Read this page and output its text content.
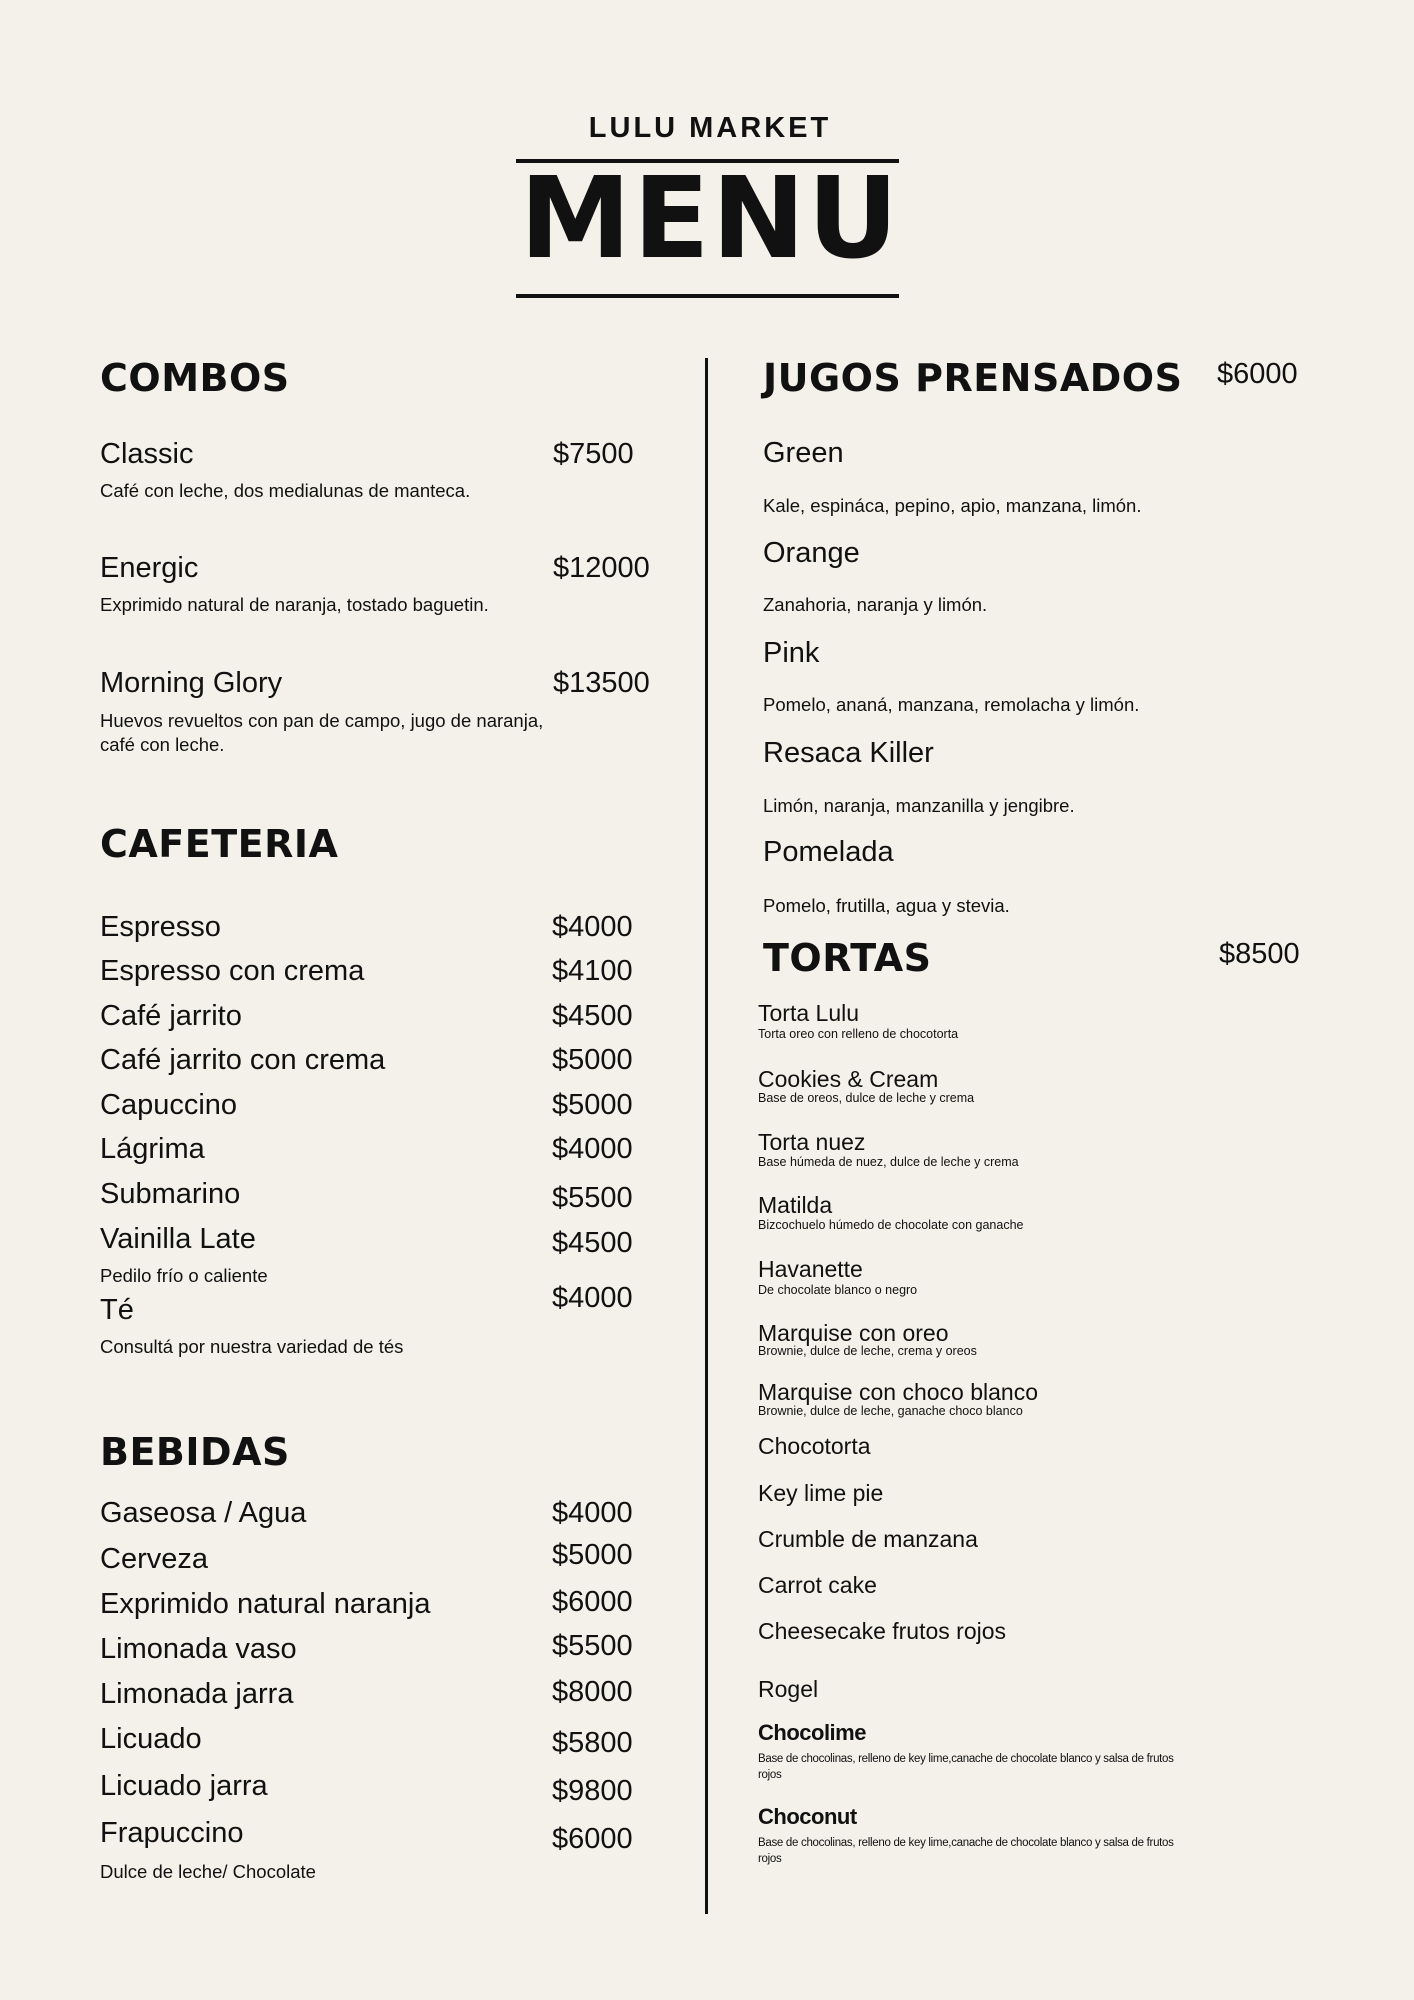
LULU MARKET
MENU
COMBOS
Classic	$7500
Café con leche, dos medialunas de manteca.
Energic	$12000
Exprimido natural de naranja, tostado baguetin.
Morning Glory	$13500
Huevos revueltos con pan de campo, jugo de naranja, café con leche.
CAFETERIA
Espresso	$4000
Espresso con crema	$4100
Café jarrito	$4500
Café jarrito con crema	$5000
Capuccino	$5000
Lágrima	$4000
Submarino	$5500
Vainilla Late	$4500
Pedilo frío o caliente
Té	$4000
Consultá por nuestra variedad de tés
BEBIDAS
Gaseosa / Agua	$4000
Cerveza	$5000
Exprimido natural naranja	$6000
Limonada vaso	$5500
Limonada jarra	$8000
Licuado	$5800
Licuado jarra	$9800
Frapuccino	$6000
Dulce de leche/ Chocolate
JUGOS PRENSADOS $6000
Green
Kale, espináca, pepino, apio, manzana, limón.
Orange
Zanahoria, naranja y limón.
Pink
Pomelo, ananá, manzana, remolacha y limón.
Resaca Killer
Limón, naranja, manzanilla y jengibre.
Pomelada
Pomelo, frutilla, agua y stevia.
TORTAS	$8500
Torta Lulu
Torta oreo con relleno de chocotorta
Cookies & Cream
Base de oreos, dulce de leche y crema
Torta nuez
Base húmeda de nuez, dulce de leche y crema
Matilda
Bizcochuelo húmedo de chocolate con ganache
Havanette
De chocolate blanco o negro
Marquise con oreo
Brownie, dulce de leche, crema y oreos
Marquise con choco blanco
Brownie, dulce de leche, ganache choco blanco
Chocotorta
Key lime pie
Crumble de manzana
Carrot cake
Cheesecake frutos rojos
Rogel
Chocolime
Base de chocolinas, relleno de key lime,canache de chocolate blanco y salsa de frutos rojos
Choconut
Base de chocolinas, relleno de key lime,canache de chocolate blanco y salsa de frutos rojos
